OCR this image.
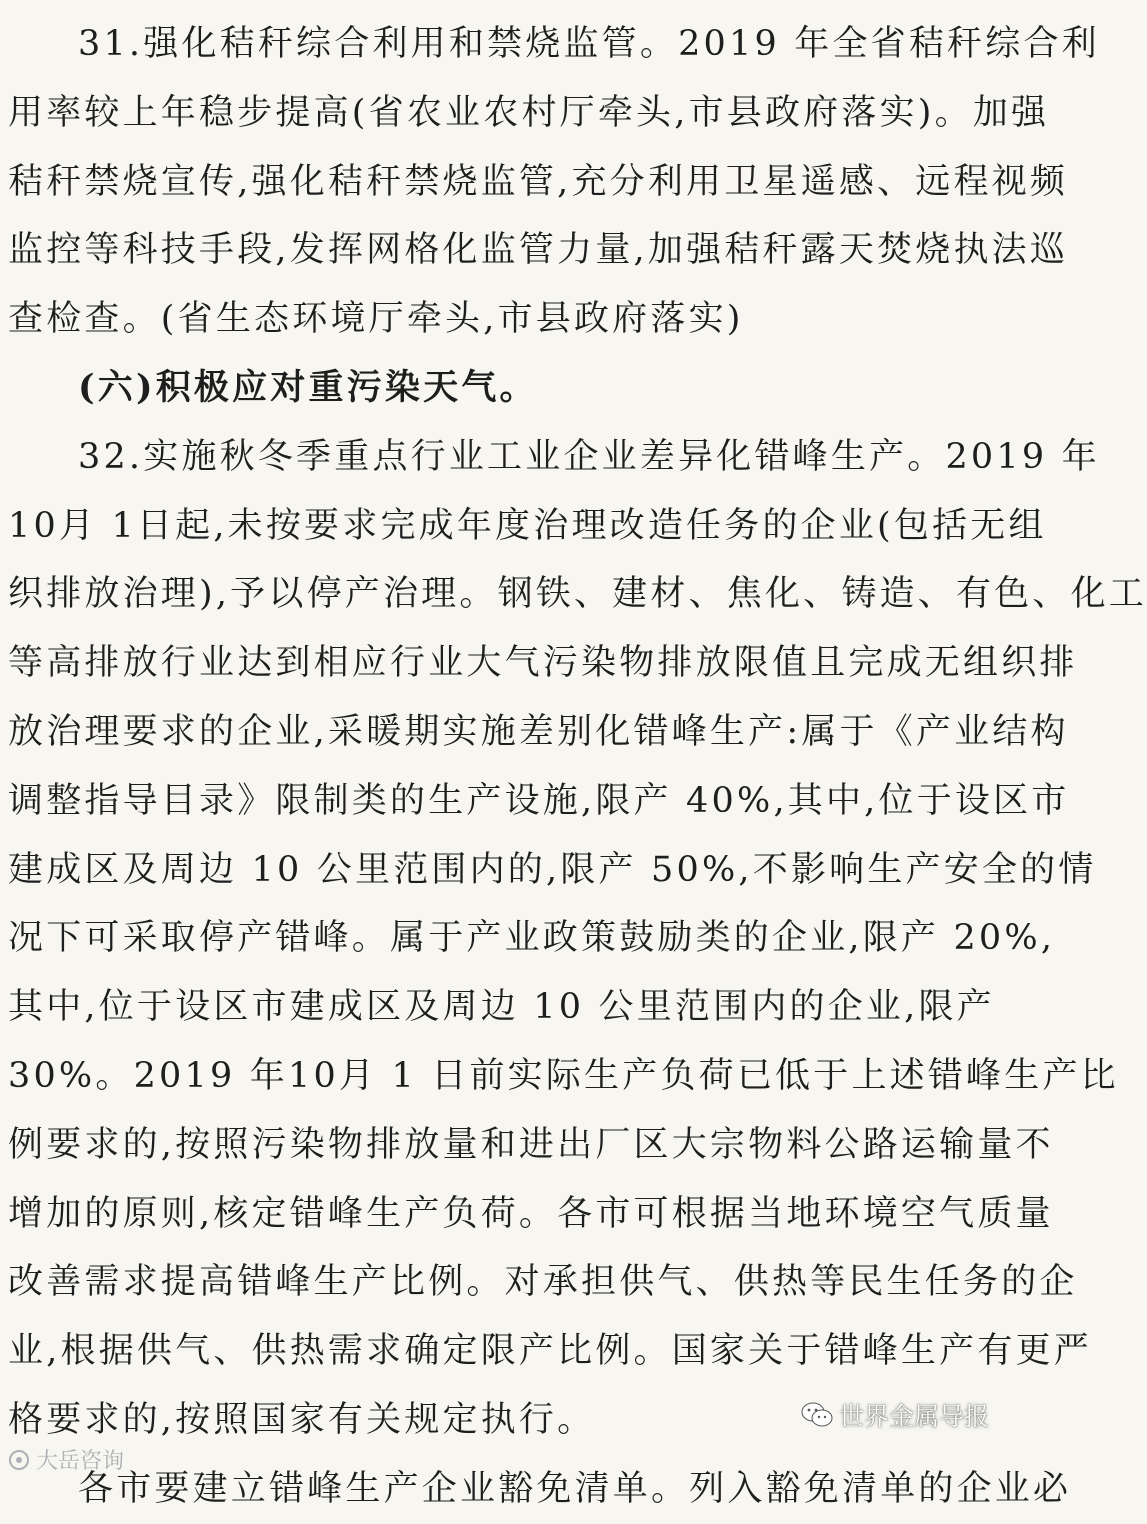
31.强化秸秆综合利用和禁烧监管。2019 年全省秸秆综合利
用率较上年稳步提高(省农业农村厅牵头,市县政府落实)。加强
秸秆禁烧宣传,强化秸秆禁烧监管,充分利用卫星遥感、远程视频
监控等科技手段,发挥网格化监管力量,加强秸秆露天焚烧执法巡
查检查。(省生态环境厅牵头,市县政府落实)
(六)积极应对重污染天气。
32.实施秋冬季重点行业工业企业差异化错峰生产。2019 年
10月 1日起,未按要求完成年度治理改造任务的企业(包括无组
织排放治理),予以停产治理。钢铁、建材、焦化、铸造、有色、化工
等高排放行业达到相应行业大气污染物排放限值且完成无组织排
放治理要求的企业,采暖期实施差别化错峰生产:属于《产业结构
调整指导目录》限制类的生产设施,限产 40%,其中,位于设区市
建成区及周边 10 公里范围内的,限产 50%,不影响生产安全的情
况下可采取停产错峰。属于产业政策鼓励类的企业,限产 20%,
其中,位于设区市建成区及周边 10 公里范围内的企业,限产
30%。2019 年10月 1 日前实际生产负荷已低于上述错峰生产比
例要求的,按照污染物排放量和进出厂区大宗物料公路运输量不
增加的原则,核定错峰生产负荷。各市可根据当地环境空气质量
改善需求提高错峰生产比例。对承担供气、供热等民生任务的企
业,根据供气、供热需求确定限产比例。国家关于错峰生产有更严
格要求的,按照国家有关规定执行。
各市要建立错峰生产企业豁免清单。列入豁免清单的企业必
大岳咨询
世界金属导报
